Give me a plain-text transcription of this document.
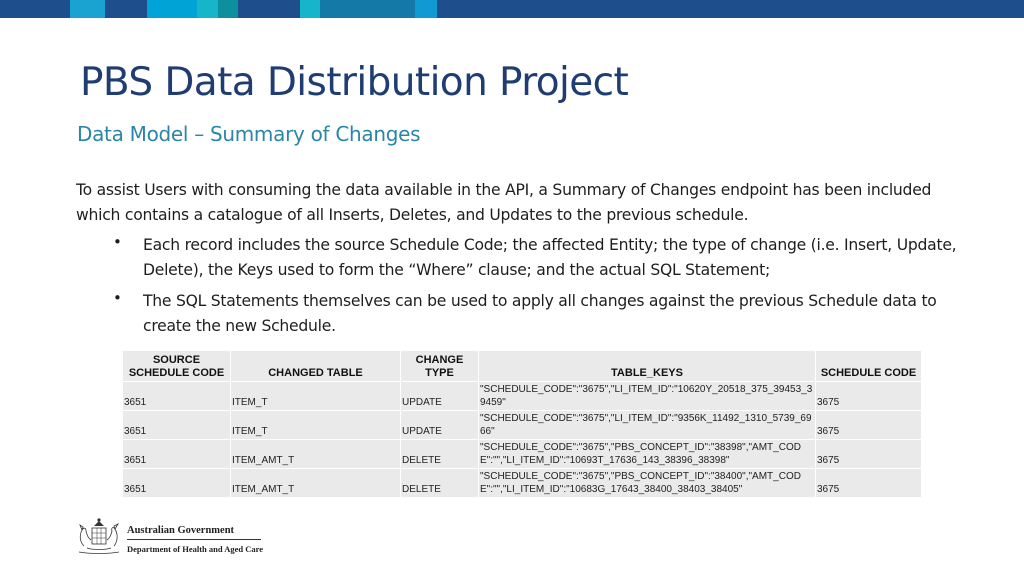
PBS Data Distribution Project
Data Model – Summary of Changes
To assist Users with consuming the data available in the API, a Summary of Changes endpoint has been included which contains a catalogue of all Inserts, Deletes, and Updates to the previous schedule.
• Each record includes the source Schedule Code; the affected Entity; the type of change (i.e. Insert, Update, Delete), the Keys used to form the “Where” clause; and the actual SQL Statement;
• The SQL Statements themselves can be used to apply all changes against the previous Schedule data to create the new Schedule.
SOURCE SCHEDULE CODE	CHANGED TABLE	CHANGE TYPE	TABLE_KEYS	SCHEDULE CODE
3651	ITEM_T	UPDATE	"SCHEDULE_CODE":"3675","LI_ITEM_ID":"10620Y_20518_375_39453_39459"	3675
3651	ITEM_T	UPDATE	"SCHEDULE_CODE":"3675","LI_ITEM_ID":"9356K_11492_1310_5739_6966"	3675
3651	ITEM_AMT_T	DELETE	"SCHEDULE_CODE":"3675","PBS_CONCEPT_ID":"38398","AMT_CODE":"","LI_ITEM_ID":"10693T_17636_143_38396_38398"	3675
3651	ITEM_AMT_T	DELETE	"SCHEDULE_CODE":"3675","PBS_CONCEPT_ID":"38400","AMT_CODE":"","LI_ITEM_ID":"10683G_17643_38400_38403_38405"	3675
Australian Government
Department of Health and Aged Care
